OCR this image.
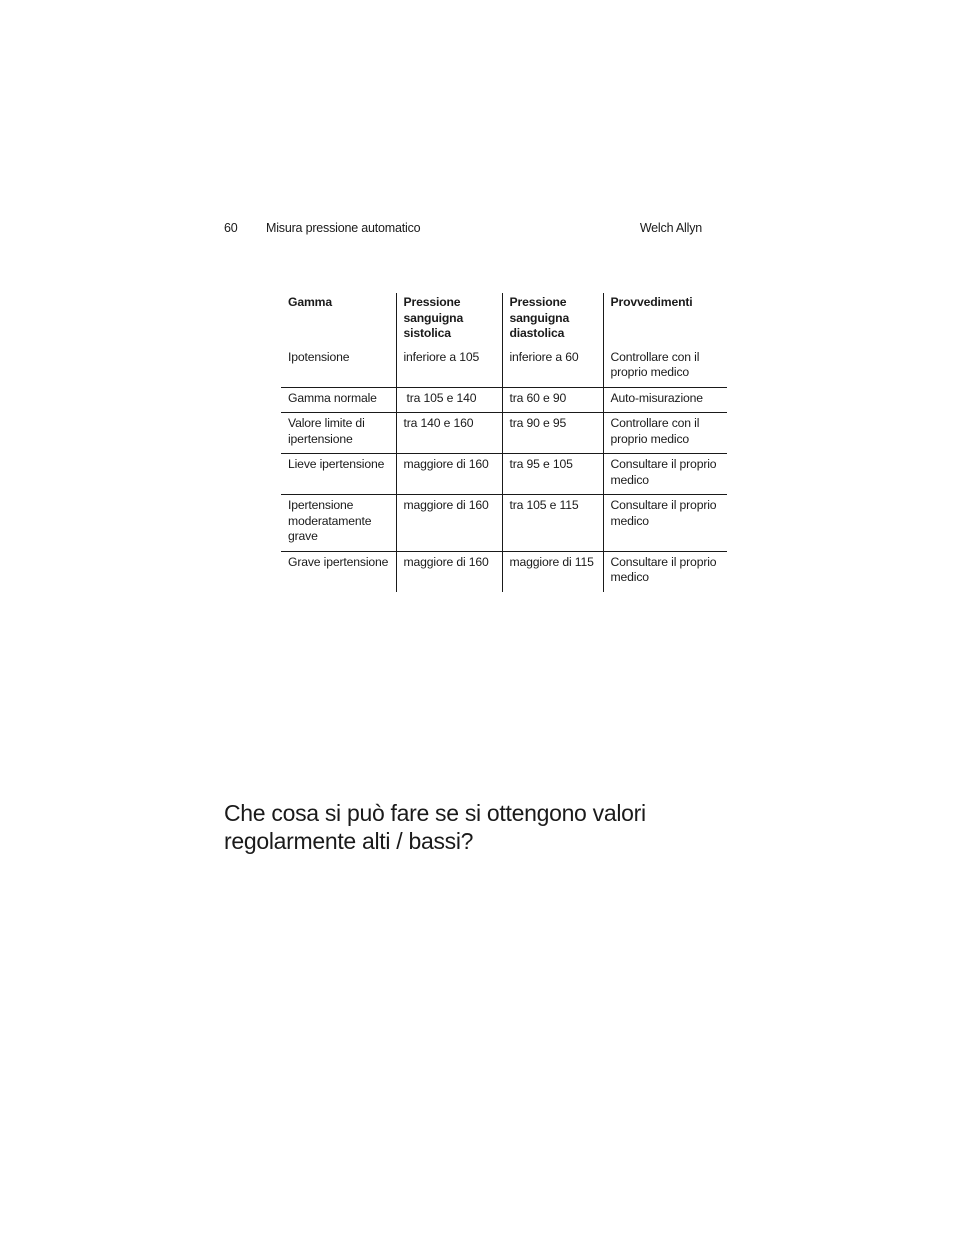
60 Misura pressione automatico	Welch Allyn
Gamma	Pressione sanguigna sistolica	Pressione sanguigna diastolica	Provvedimenti
Ipotensione	inferiore a 105	inferiore a 60	Controllare con il proprio medico
Gamma normale	tra 105 e 140	tra 60 e 90	Auto-misurazione
Valore limite di ipertensione	tra 140 e 160	tra 90 e 95	Controllare con il proprio medico
Lieve ipertensione	maggiore di 160	tra 95 e 105	Consultare il proprio medico
Ipertensione moderatamente grave	maggiore di 160	tra 105 e 115	Consultare il proprio medico
Grave ipertensione	maggiore di 160	maggiore di 115	Consultare il proprio medico
Che cosa si può fare se si ottengono valori regolarmente alti / bassi?
